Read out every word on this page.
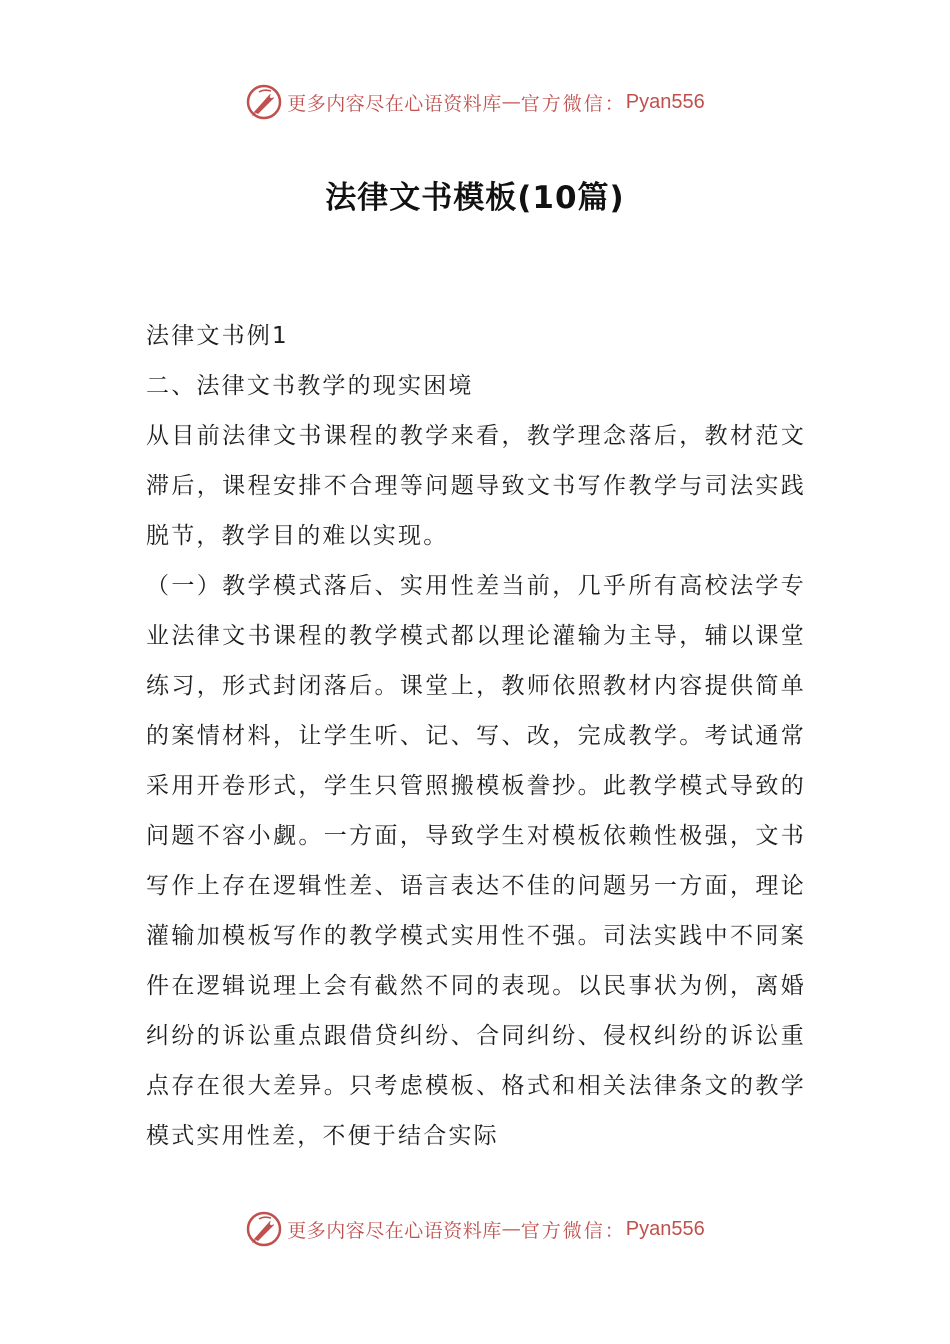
更多内容尽在心语资料库 — 官方微信： Pyan556
法律文书模板(10篇)

法律文书例1

二、法律文书教学的现实困境

从目前法律文书课程的教学来看，教学理念落后，教材范文滞后，课程安排不合理等问题导致文书写作教学与司法实践脱节，教学目的难以实现。

（一）教学模式落后、实用性差当前，几乎所有高校法学专业法律文书课程的教学模式都以理论灌输为主导，辅以课堂练习，形式封闭落后。课堂上，教师依照教材内容提供简单的案情材料，让学生听、记、写、改，完成教学。考试通常采用开卷形式，学生只管照搬模板誊抄。此教学模式导致的问题不容小觑。一方面，导致学生对模板依赖性极强，文书写作上存在逻辑性差、语言表达不佳的问题另一方面，理论灌输加模板写作的教学模式实用性不强。司法实践中不同案件在逻辑说理上会有截然不同的表现。以民事状为例，离婚纠纷的诉讼重点跟借贷纠纷、合同纠纷、侵权纠纷的诉讼重点存在很大差异。只考虑模板、格式和相关法律条文的教学模式实用性差，不便于结合实际

更多内容尽在心语资料库 — 官方微信： Pyan556
